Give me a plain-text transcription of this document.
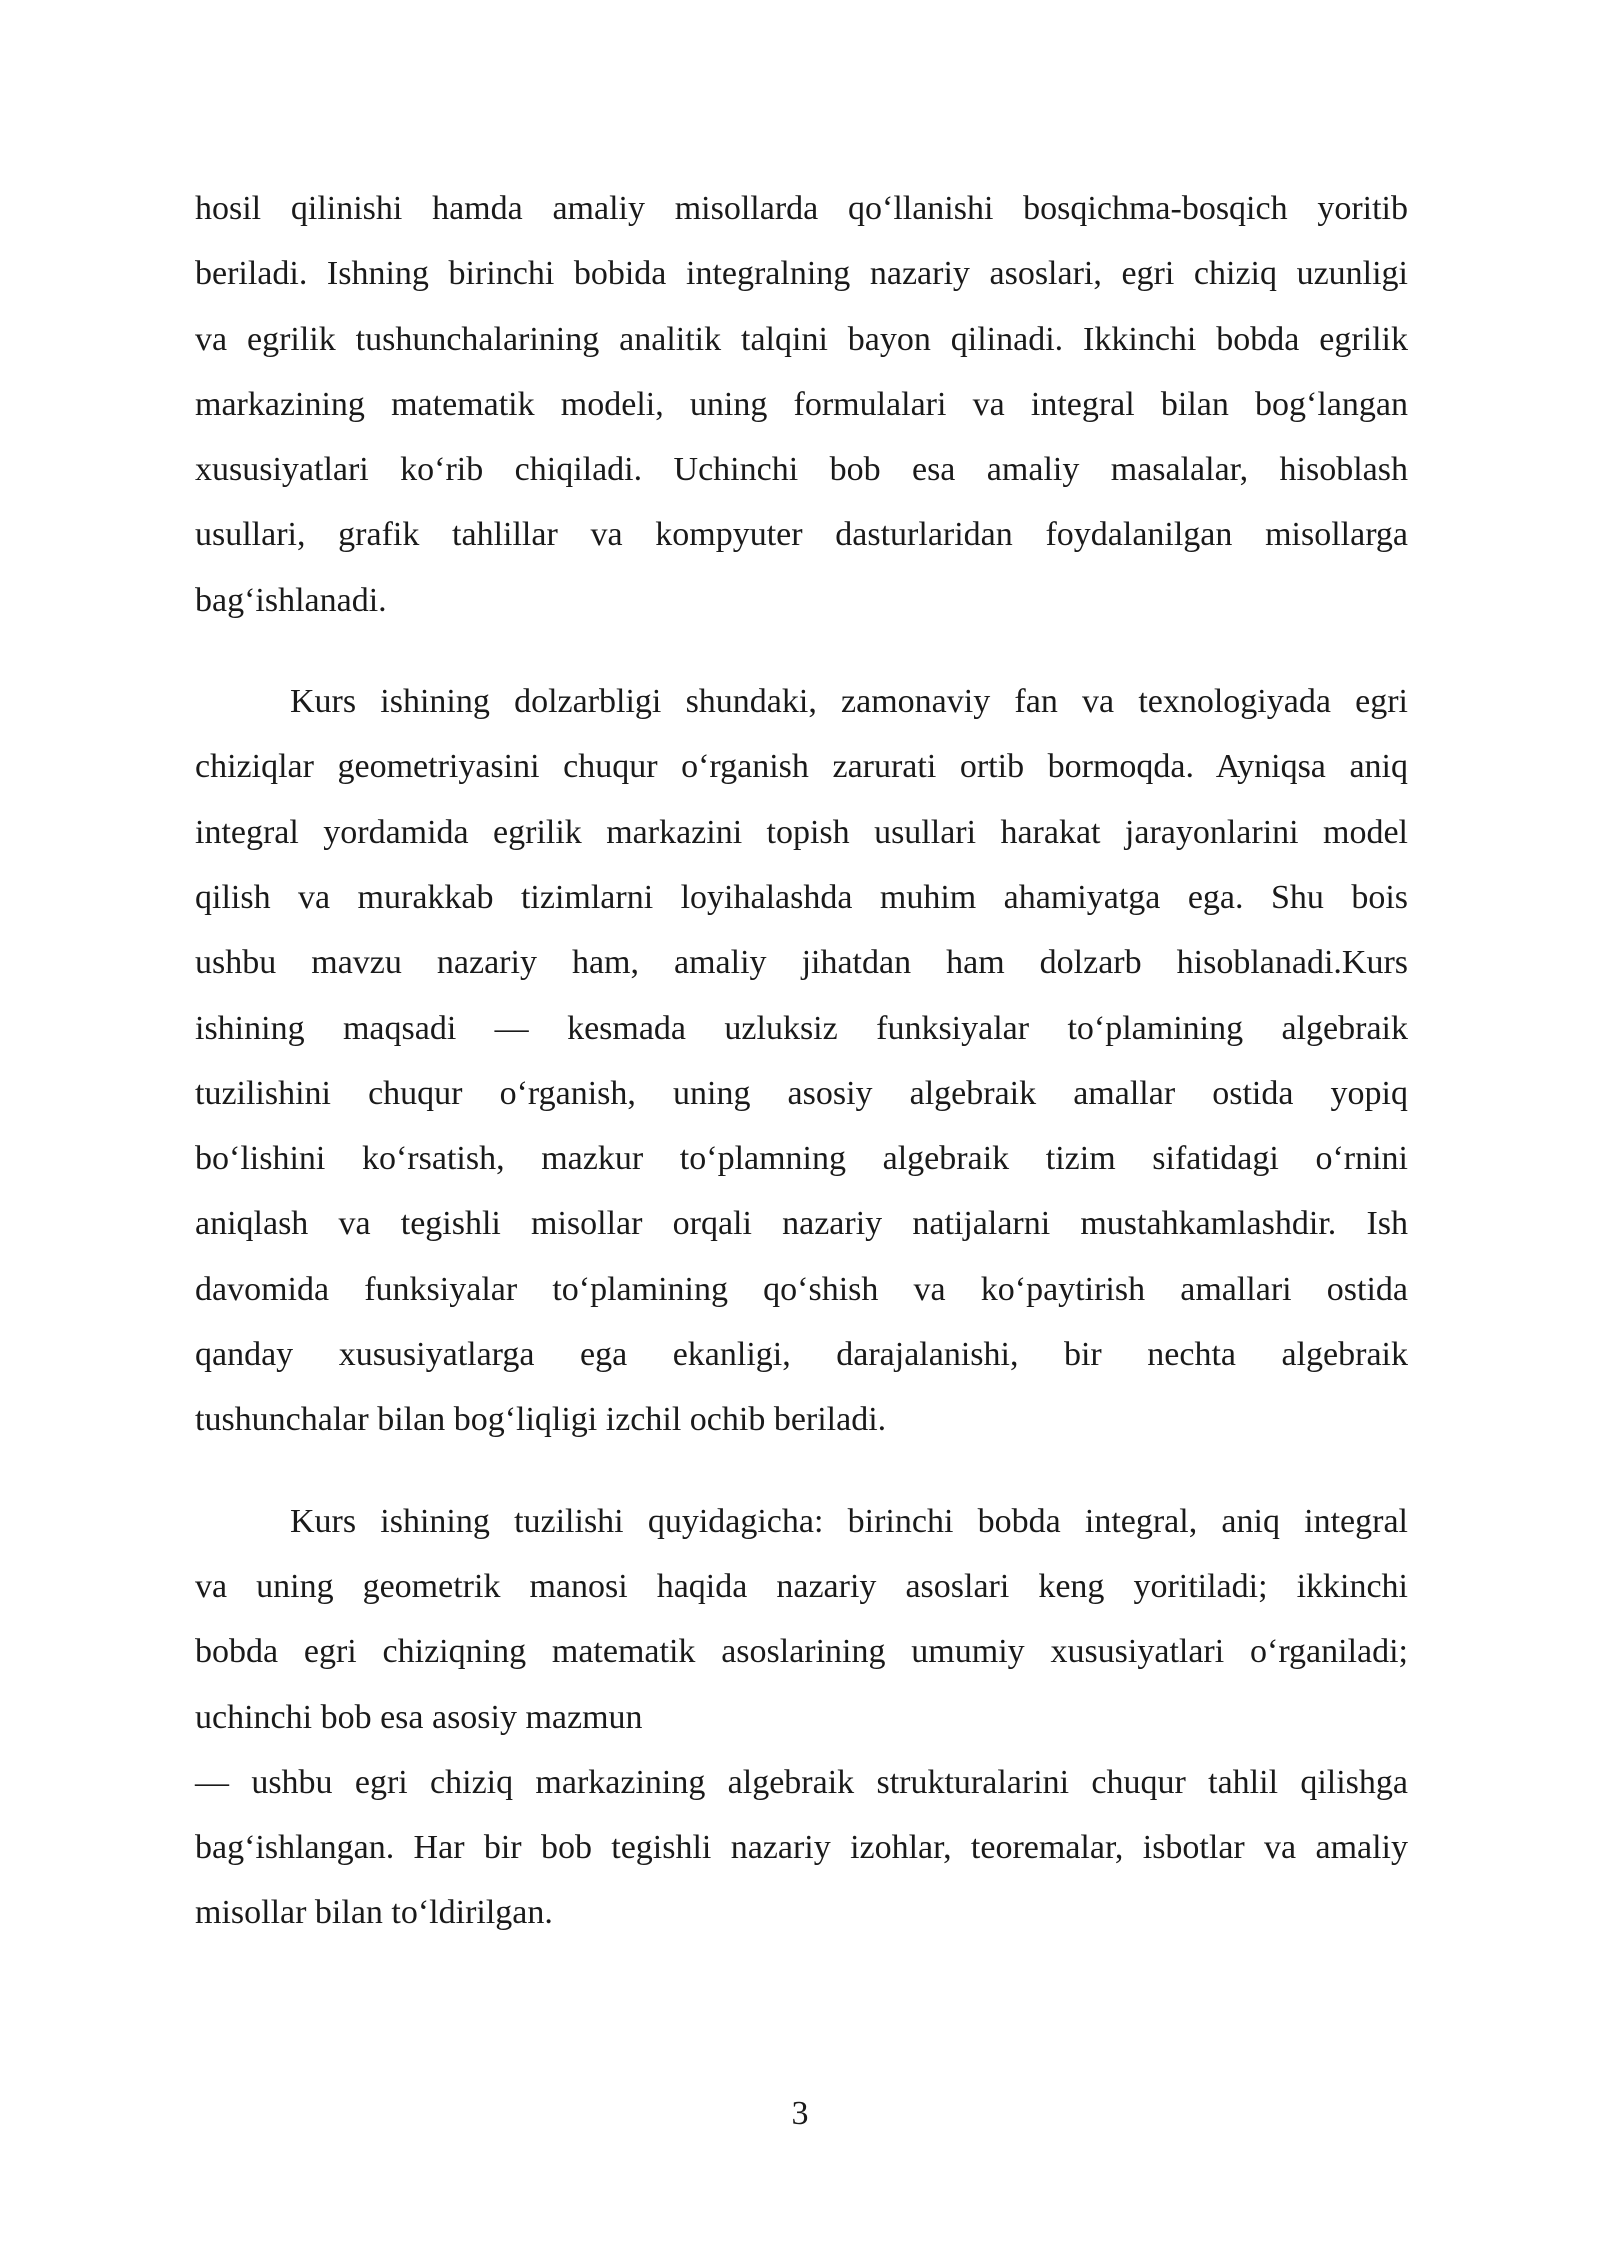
hosil qilinishi hamda amaliy misollarda qo‘llanishi bosqichma-bosqich yoritib
beriladi. Ishning birinchi bobida integralning nazariy asoslari, egri chiziq uzunligi
va egrilik tushunchalarining analitik talqini bayon qilinadi. Ikkinchi bobda egrilik
markazining matematik modeli, uning formulalari va integral bilan bog‘langan
xususiyatlari ko‘rib chiqiladi. Uchinchi bob esa amaliy masalalar, hisoblash
usullari, grafik tahlillar va kompyuter dasturlaridan foydalanilgan misollarga
bag‘ishlanadi.
Kurs ishining dolzarbligi shundaki, zamonaviy fan va texnologiyada egri
chiziqlar geometriyasini chuqur o‘rganish zarurati ortib bormoqda. Ayniqsa aniq
integral yordamida egrilik markazini topish usullari harakat jarayonlarini model
qilish va murakkab tizimlarni loyihalashda muhim ahamiyatga ega. Shu bois
ushbu mavzu nazariy ham, amaliy jihatdan ham dolzarb hisoblanadi.Kurs
ishining maqsadi — kesmada uzluksiz funksiyalar to‘plamining algebraik
tuzilishini chuqur o‘rganish, uning asosiy algebraik amallar ostida yopiq
bo‘lishini ko‘rsatish, mazkur to‘plamning algebraik tizim sifatidagi o‘rnini
aniqlash va tegishli misollar orqali nazariy natijalarni mustahkamlashdir. Ish
davomida funksiyalar to‘plamining qo‘shish va ko‘paytirish amallari ostida
qanday xususiyatlarga ega ekanligi, darajalanishi, bir nechta algebraik
tushunchalar bilan bog‘liqligi izchil ochib beriladi.
Kurs ishining tuzilishi quyidagicha: birinchi bobda integral, aniq integral
va uning geometrik manosi haqida nazariy asoslari keng yoritiladi; ikkinchi
bobda egri chiziqning matematik asoslarining umumiy xususiyatlari o‘rganiladi;
uchinchi bob esa asosiy mazmun
— ushbu egri chiziq markazining algebraik strukturalarini chuqur tahlil qilishga
bag‘ishlangan. Har bir bob tegishli nazariy izohlar, teoremalar, isbotlar va amaliy
misollar bilan to‘ldirilgan.
3
